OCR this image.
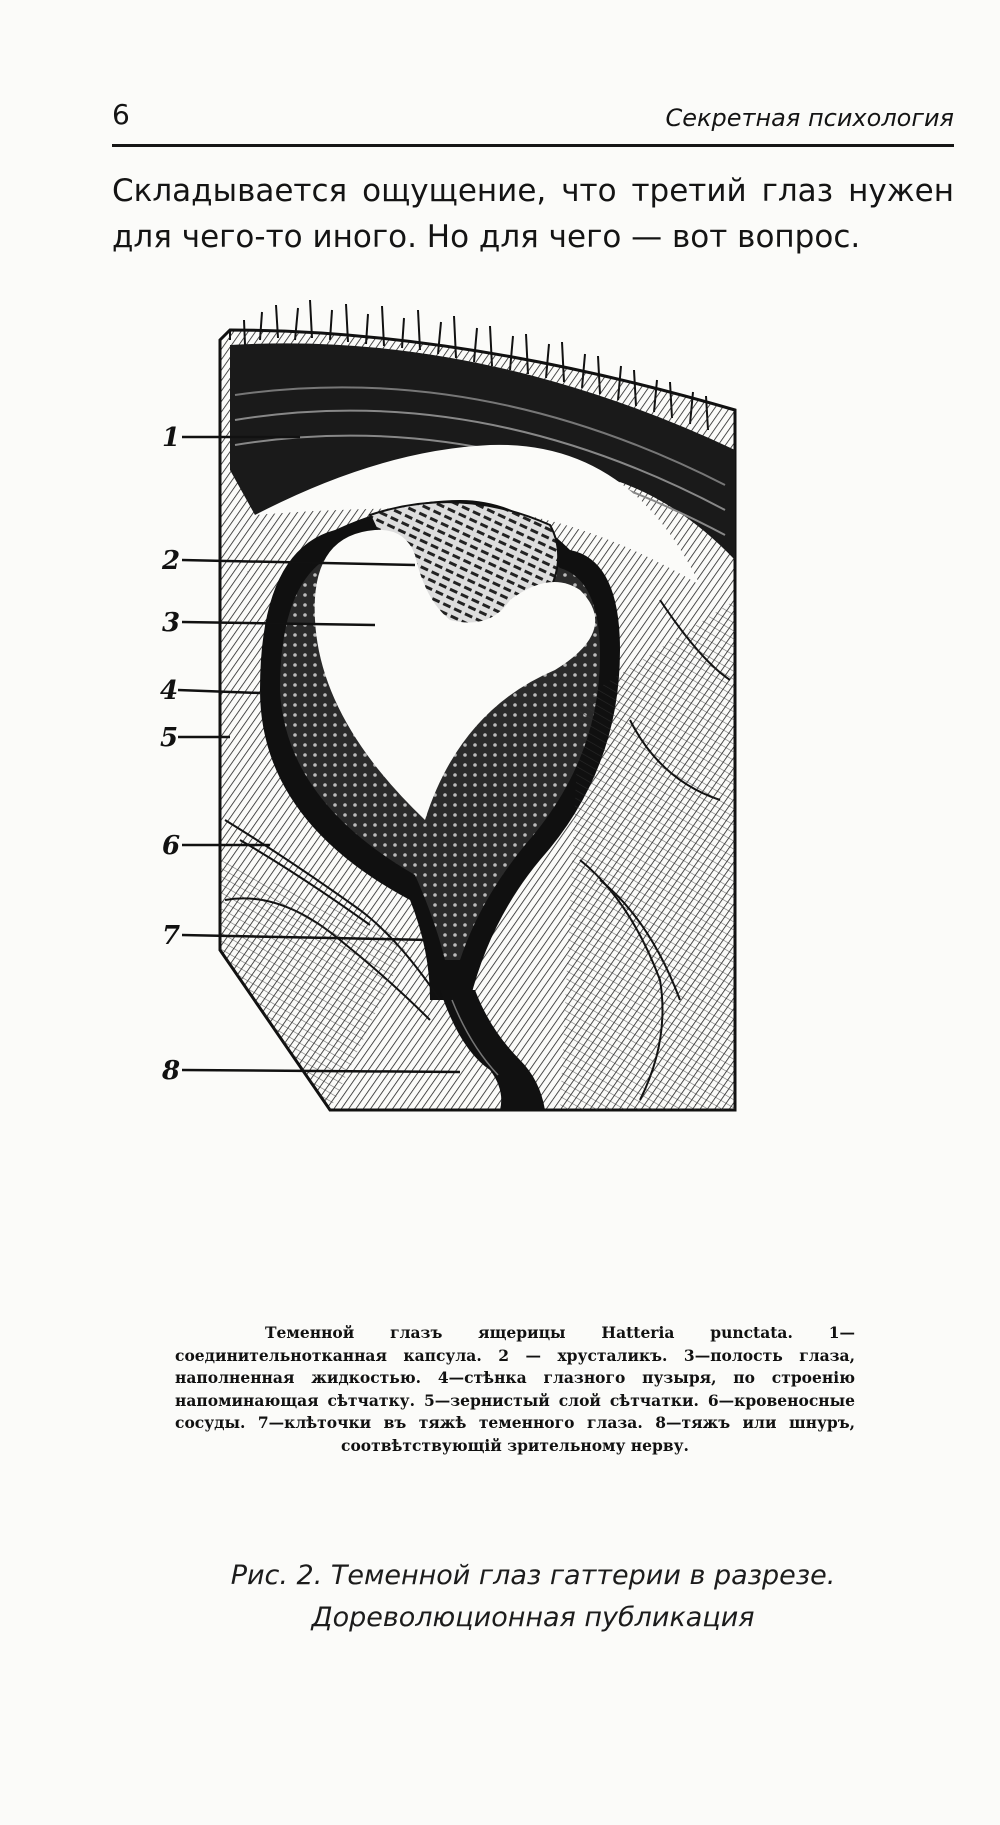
6	Секретная психология

Складывается ощущение, что третий глаз нужен для чего-то иного. Но для чего — вот вопрос.

1
2
3
4
5
6
7
8

Теменной глазъ ящерицы Hatteria punctata. 1—соединительнотканная капсула. 2 — хрусталикъ. 3—полость глаза, наполненная жидкостью. 4—стѣнка глазного пузыря, по строенію напоминающая сѣтчатку. 5—зернистый слой сѣтчатки. 6—кровеносные сосуды. 7—клѣточки въ тяжѣ теменного глаза. 8—тяжъ или шнуръ, соотвѣтствующій зрительному нерву.

Рис. 2. Теменной глаз гаттерии в разрезе.
Дореволюционная публикация
